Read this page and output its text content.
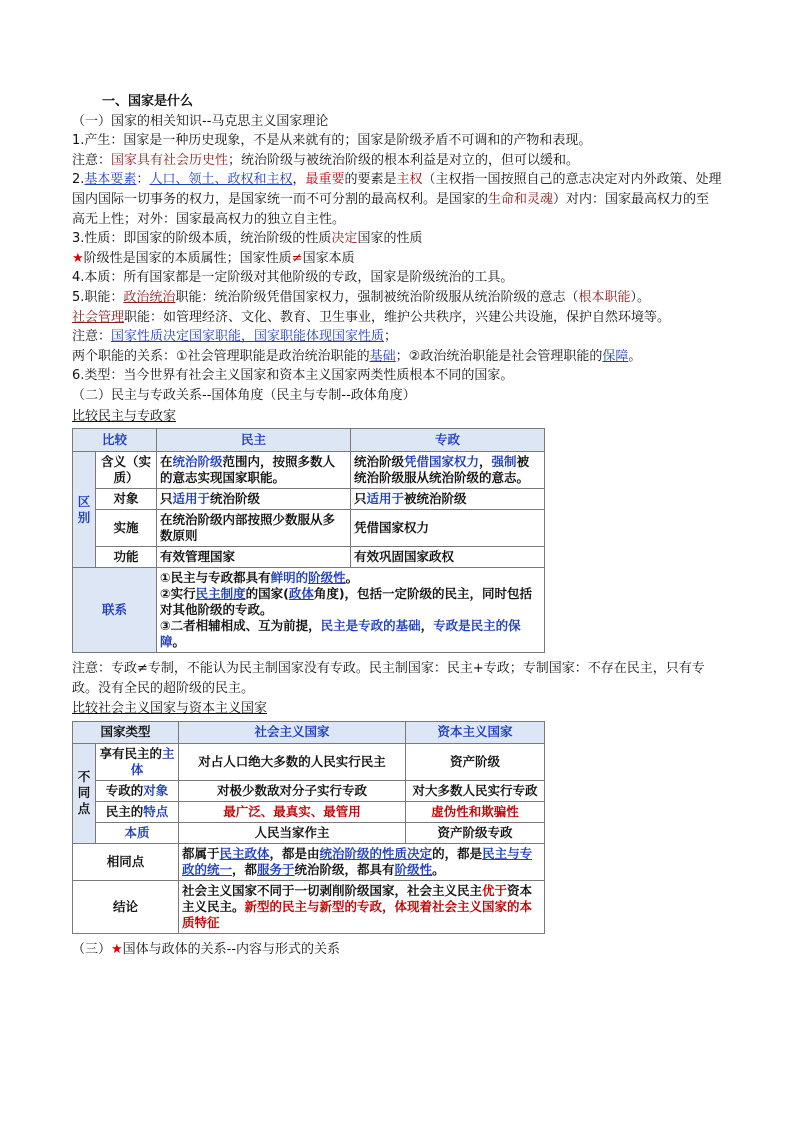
一、国家是什么
（一）国家的相关知识--马克思主义国家理论
1.产生：国家是一种历史现象，不是从来就有的；国家是阶级矛盾不可调和的产物和表现。
注意：国家具有社会历史性；统治阶级与被统治阶级的根本利益是对立的，但可以缓和。
2.基本要素：人口、领土、政权和主权，最重要的要素是主权（主权指一国按照自己的意志决定对内外政策、处理国内国际一切事务的权力，是国家统一而不可分割的最高权利。是国家的生命和灵魂）对内：国家最高权力的至高无上性；对外：国家最高权力的独立自主性。
3.性质：即国家的阶级本质，统治阶级的性质决定国家的性质
★阶级性是国家的本质属性；国家性质≠国家本质
4.本质：所有国家都是一定阶级对其他阶级的专政，国家是阶级统治的工具。
5.职能：政治统治职能：统治阶级凭借国家权力，强制被统治阶级服从统治阶级的意志（根本职能）。
社会管理职能：如管理经济、文化、教育、卫生事业，维护公共秩序，兴建公共设施，保护自然环境等。
注意：国家性质决定国家职能，国家职能体现国家性质；
两个职能的关系：①社会管理职能是政治统治职能的基础；②政治统治职能是社会管理职能的保障。
6.类型：当今世界有社会主义国家和资本主义国家两类性质根本不同的国家。
（二）民主与专政关系--国体角度（民主与专制--政体角度）
比较民主与专政家
比较		民主	专政
区别	含义（实质）	在统治阶级范围内，按照多数人的意志实现国家职能。	统治阶级凭借国家权力，强制被统治阶级服从统治阶级的意志。
	对象	只适用于统治阶级	只适用于被统治阶级
	实施	在统治阶级内部按照少数服从多数原则	凭借国家权力
	功能	有效管理国家	有效巩固国家政权
联系		①民主与专政都具有鲜明的阶级性。
②实行民主制度的国家(政体角度)，包括一定阶级的民主，同时包括对其他阶级的专政。
③二者相辅相成、互为前提，民主是专政的基础，专政是民主的保障。	
注意：专政≠专制，不能认为民主制国家没有专政。民主制国家：民主+专政；专制国家：不存在民主，只有专政。没有全民的超阶级的民主。
比较社会主义国家与资本主义国家
国家类型		社会主义国家	资本主义国家
不同点	享有民主的主体	对占人口绝大多数的人民实行民主	资产阶级
	专政的对象	对极少数敌对分子实行专政	对大多数人民实行专政
	民主的特点	最广泛、最真实、最管用	虚伪性和欺骗性
	本质	人民当家作主	资产阶级专政
相同点		都属于民主政体，都是由统治阶级的性质决定的，都是民主与专政的统一，都服务于统治阶级，都具有阶级性。	
结论		社会主义国家不同于一切剥削阶级国家，社会主义民主优于资本主义民主。新型的民主与新型的专政，体现着社会主义国家的本质特征	
（三）★国体与政体的关系--内容与形式的关系
